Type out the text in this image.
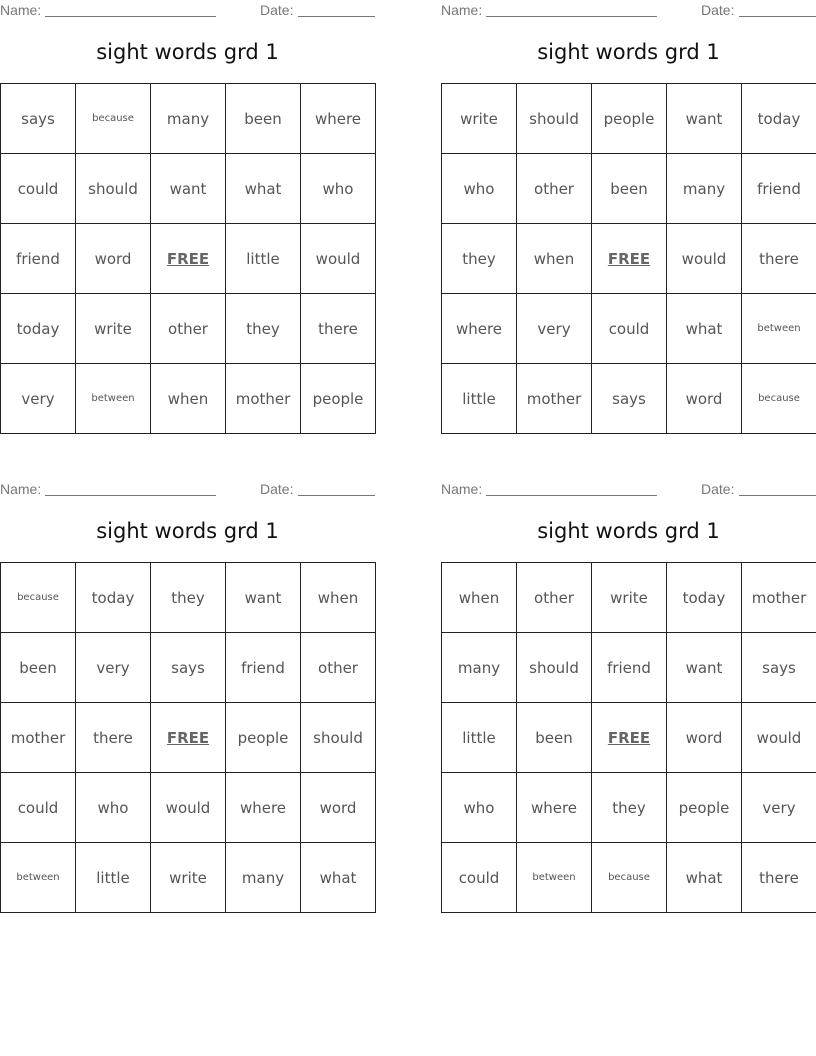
Name:	Date:
sight words grd 1
says	because	many	been	where
could	should	want	what	who
friend	word	FREE	little	would
today	write	other	they	there
very	between	when	mother	people
Name:	Date:
sight words grd 1
write	should	people	want	today
who	other	been	many	friend
they	when	FREE	would	there
where	very	could	what	between
little	mother	says	word	because
Name:	Date:
sight words grd 1
because	today	they	want	when
been	very	says	friend	other
mother	there	FREE	people	should
could	who	would	where	word
between	little	write	many	what
Name:	Date:
sight words grd 1
when	other	write	today	mother
many	should	friend	want	says
little	been	FREE	word	would
who	where	they	people	very
could	between	because	what	there
